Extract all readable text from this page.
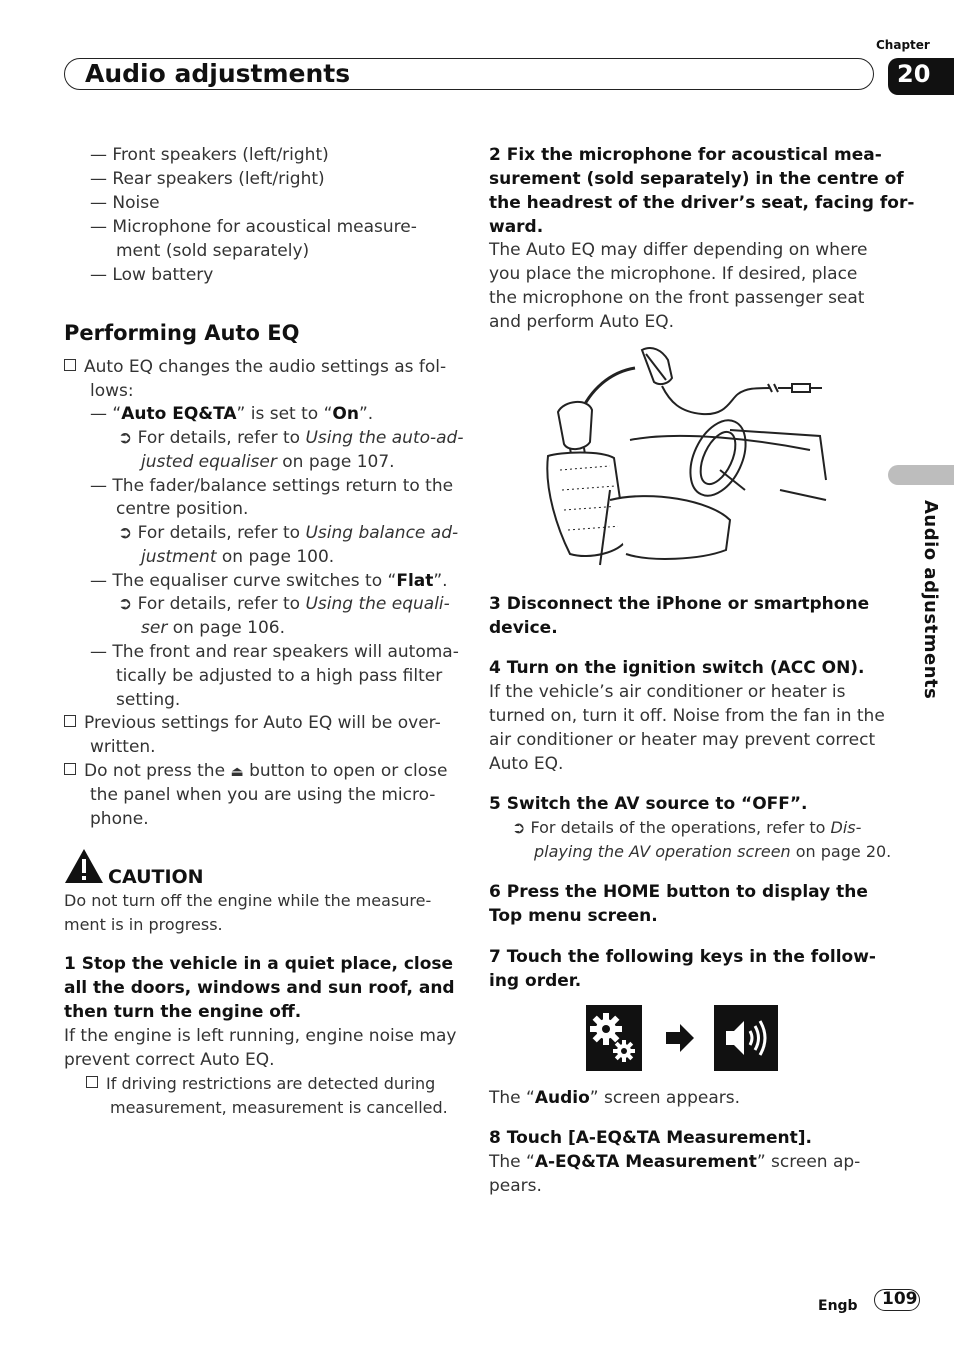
Chapter
Audio adjustments	20
Audio adjustments
— Front speakers (left/right)
— Rear speakers (left/right)
— Noise
— Microphone for acoustical measure-
ment (sold separately)
— Low battery
Performing Auto EQ
Auto EQ changes the audio settings as fol-
lows:
— “Auto EQ&TA” is set to “On”.
➲ For details, refer to Using the auto-ad-
justed equaliser on page 107.
— The fader/balance settings return to the
centre position.
➲ For details, refer to Using balance ad-
justment on page 100.
— The equaliser curve switches to “Flat”.
➲ For details, refer to Using the equali-
ser on page 106.
— The front and rear speakers will automa-
tically be adjusted to a high pass filter
setting.
Previous settings for Auto EQ will be over-
written.
Do not press the ⏏ button to open or close
the panel when you are using the micro-
phone.
CAUTION
Do not turn off the engine while the measure-
ment is in progress.
1 Stop the vehicle in a quiet place, close
all the doors, windows and sun roof, and
then turn the engine off.
If the engine is left running, engine noise may
prevent correct Auto EQ.
If driving restrictions are detected during
measurement, measurement is cancelled.
2 Fix the microphone for acoustical mea-
surement (sold separately) in the centre of
the headrest of the driver’s seat, facing for-
ward.
The Auto EQ may differ depending on where
you place the microphone. If desired, place
the microphone on the front passenger seat
and perform Auto EQ.
3 Disconnect the iPhone or smartphone
device.
4 Turn on the ignition switch (ACC ON).
If the vehicle’s air conditioner or heater is
turned on, turn it off. Noise from the fan in the
air conditioner or heater may prevent correct
Auto EQ.
5 Switch the AV source to “OFF”.
➲ For details of the operations, refer to Dis-
playing the AV operation screen on page 20.
6 Press the HOME button to display the
Top menu screen.
7 Touch the following keys in the follow-
ing order.
The “Audio” screen appears.
8 Touch [A-EQ&TA Measurement].
The “A-EQ&TA Measurement” screen ap-
pears.
Engb 109
